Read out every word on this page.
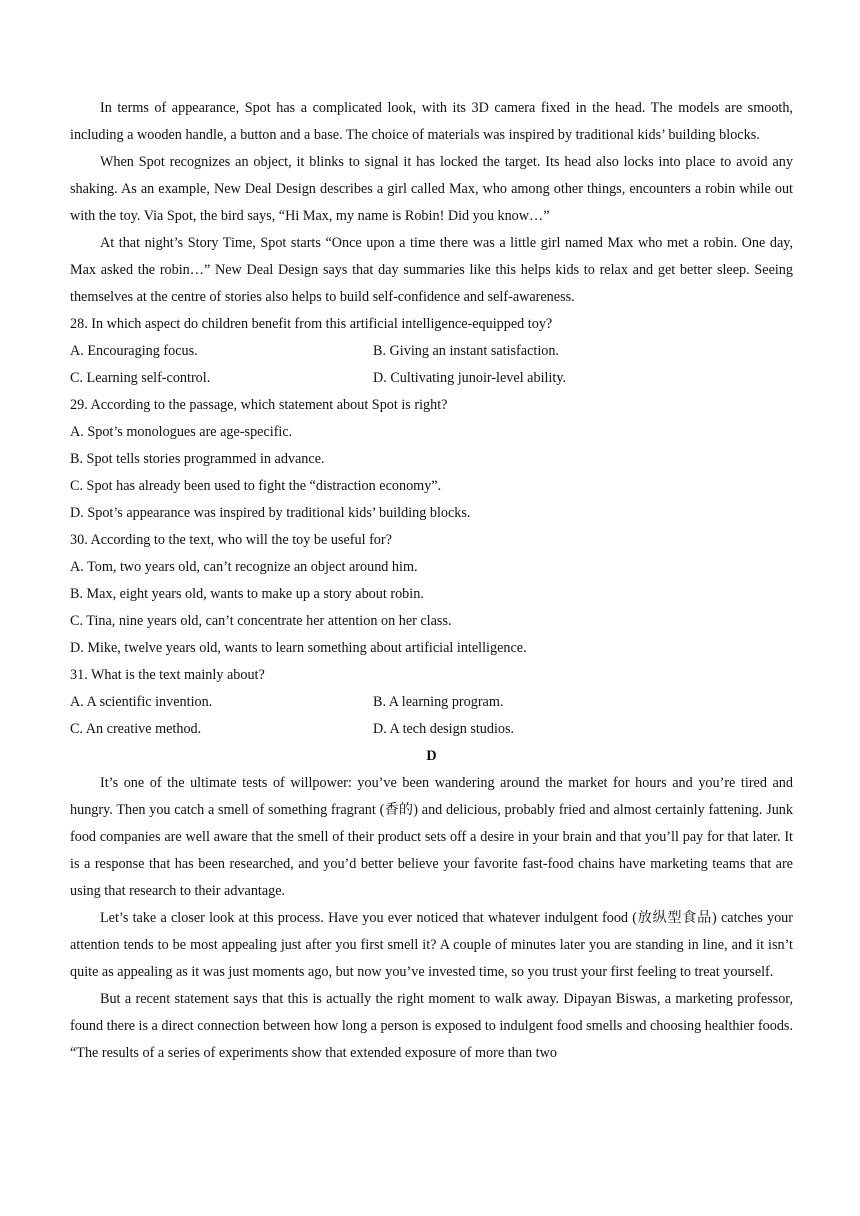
In terms of appearance, Spot has a complicated look, with its 3D camera fixed in the head. The models are smooth, including a wooden handle, a button and a base. The choice of materials was inspired by traditional kids’ building blocks.

When Spot recognizes an object, it blinks to signal it has locked the target. Its head also locks into place to avoid any shaking. As an example, New Deal Design describes a girl called Max, who among other things, encounters a robin while out with the toy. Via Spot, the bird says, “Hi Max, my name is Robin! Did you know…”

At that night’s Story Time, Spot starts “Once upon a time there was a little girl named Max who met a robin. One day, Max asked the robin…” New Deal Design says that day summaries like this helps kids to relax and get better sleep. Seeing themselves at the centre of stories also helps to build self-confidence and self-awareness.

28. In which aspect do children benefit from this artificial intelligence-equipped toy?

A. Encouraging focus.	B. Giving an instant satisfaction.
C. Learning self-control.	D. Cultivating junoir-level ability.

29. According to the passage, which statement about Spot is right?

A. Spot’s monologues are age-specific.

B. Spot tells stories programmed in advance.

C. Spot has already been used to fight the “distraction economy”.

D. Spot’s appearance was inspired by traditional kids’ building blocks.

30. According to the text, who will the toy be useful for?

A. Tom, two years old, can’t recognize an object around him.

B. Max, eight years old, wants to make up a story about robin.

C. Tina, nine years old, can’t concentrate her attention on her class.

D. Mike, twelve years old, wants to learn something about artificial intelligence.

31. What is the text mainly about?

A. A scientific invention.	B. A learning program.
C. An creative method.	D. A tech design studios.

D

It’s one of the ultimate tests of willpower: you’ve been wandering around the market for hours and you’re tired and hungry. Then you catch a smell of something fragrant (香的) and delicious, probably fried and almost certainly fattening. Junk food companies are well aware that the smell of their product sets off a desire in your brain and that you’ll pay for that later. It is a response that has been researched, and you’d better believe your favorite fast-food chains have marketing teams that are using that research to their advantage.

Let’s take a closer look at this process. Have you ever noticed that whatever indulgent food (放纵型食品) catches your attention tends to be most appealing just after you first smell it? A couple of minutes later you are standing in line, and it isn’t quite as appealing as it was just moments ago, but now you’ve invested time, so you trust your first feeling to treat yourself.

But a recent statement says that this is actually the right moment to walk away. Dipayan Biswas, a marketing professor, found there is a direct connection between how long a person is exposed to indulgent food smells and choosing healthier foods. “The results of a series of experiments show that extended exposure of more than two
